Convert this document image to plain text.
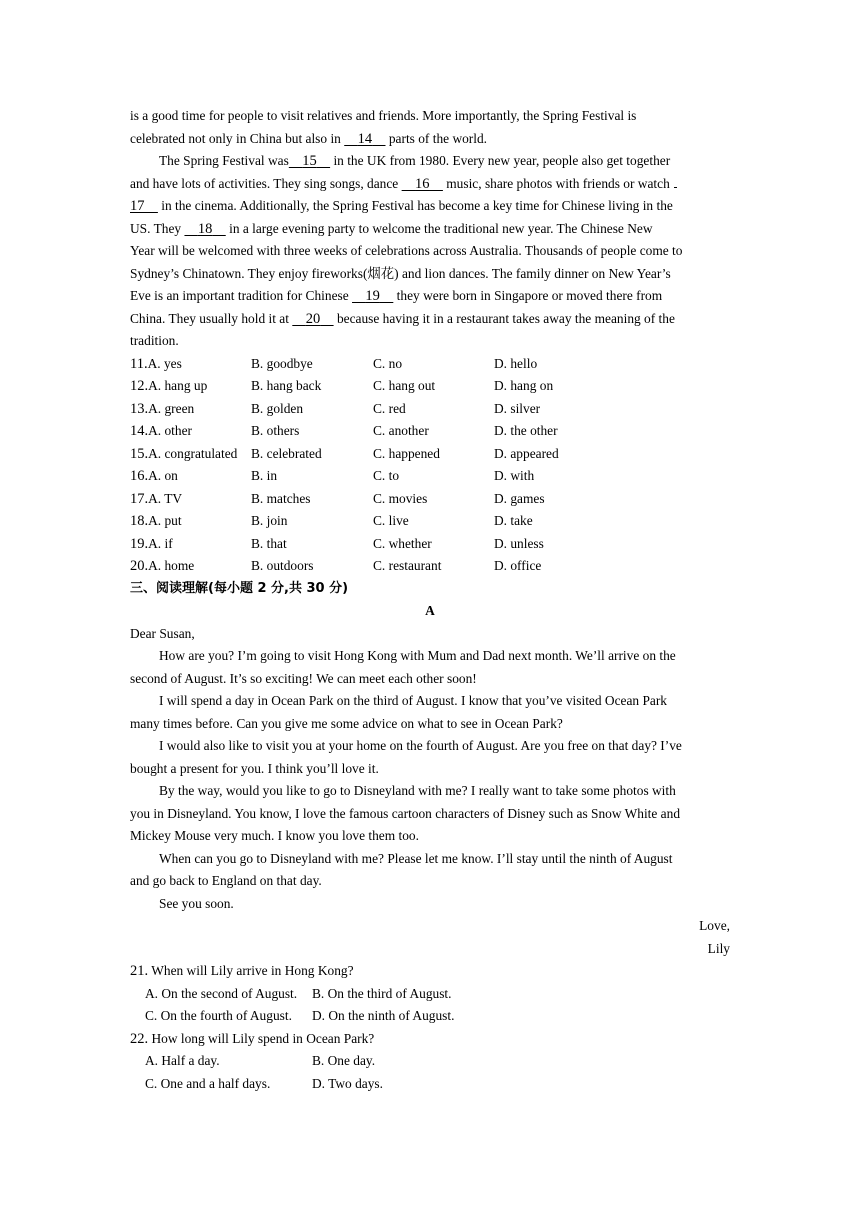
is a good time for people to visit relatives and friends. More importantly, the Spring Festival is
celebrated not only in China but also in 14 parts of the world.
The Spring Festival was 15 in the UK from 1980. Every new year, people also get together
and have lots of activities. They sing songs, dance 16 music, share photos with friends or watch
17 in the cinema. Additionally, the Spring Festival has become a key time for Chinese living in the
US. They 18 in a large evening party to welcome the traditional new year. The Chinese New
Year will be welcomed with three weeks of celebrations across Australia. Thousands of people come to
Sydney’s Chinatown. They enjoy fireworks(烟花) and lion dances. The family dinner on New Year’s
Eve is an important tradition for Chinese 19 they were born in Singapore or moved there from
China. They usually hold it at 20 because having it in a restaurant takes away the meaning of the
tradition.
11.A. yes	B. goodbye	C. no	D. hello
12.A. hang up	B. hang back	C. hang out	D. hang on
13.A. green	B. golden	C. red	D. silver
14.A. other	B. others	C. another	D. the other
15.A. congratulated	B. celebrated	C. happened	D. appeared
16.A. on	B. in	C. to	D. with
17.A. TV	B. matches	C. movies	D. games
18.A. put	B. join	C. live	D. take
19.A. if	B. that	C. whether	D. unless
20.A. home	B. outdoors	C. restaurant	D. office
三、阅读理解(每小题 2 分,共 30 分)
A
Dear Susan,
How are you? I’m going to visit Hong Kong with Mum and Dad next month. We’ll arrive on the
second of August. It’s so exciting! We can meet each other soon!
I will spend a day in Ocean Park on the third of August. I know that you’ve visited Ocean Park
many times before. Can you give me some advice on what to see in Ocean Park?
I would also like to visit you at your home on the fourth of August. Are you free on that day? I’ve
bought a present for you. I think you’ll love it.
By the way, would you like to go to Disneyland with me? I really want to take some photos with
you in Disneyland. You know, I love the famous cartoon characters of Disney such as Snow White and
Mickey Mouse very much. I know you love them too.
When can you go to Disneyland with me? Please let me know. I’ll stay until the ninth of August
and go back to England on that day.
See you soon.
Love,
Lily
21. When will Lily arrive in Hong Kong?
A. On the second of August.	B. On the third of August.
C. On the fourth of August.	D. On the ninth of August.
22. How long will Lily spend in Ocean Park?
A. Half a day.	B. One day.
C. One and a half days.	D. Two days.
